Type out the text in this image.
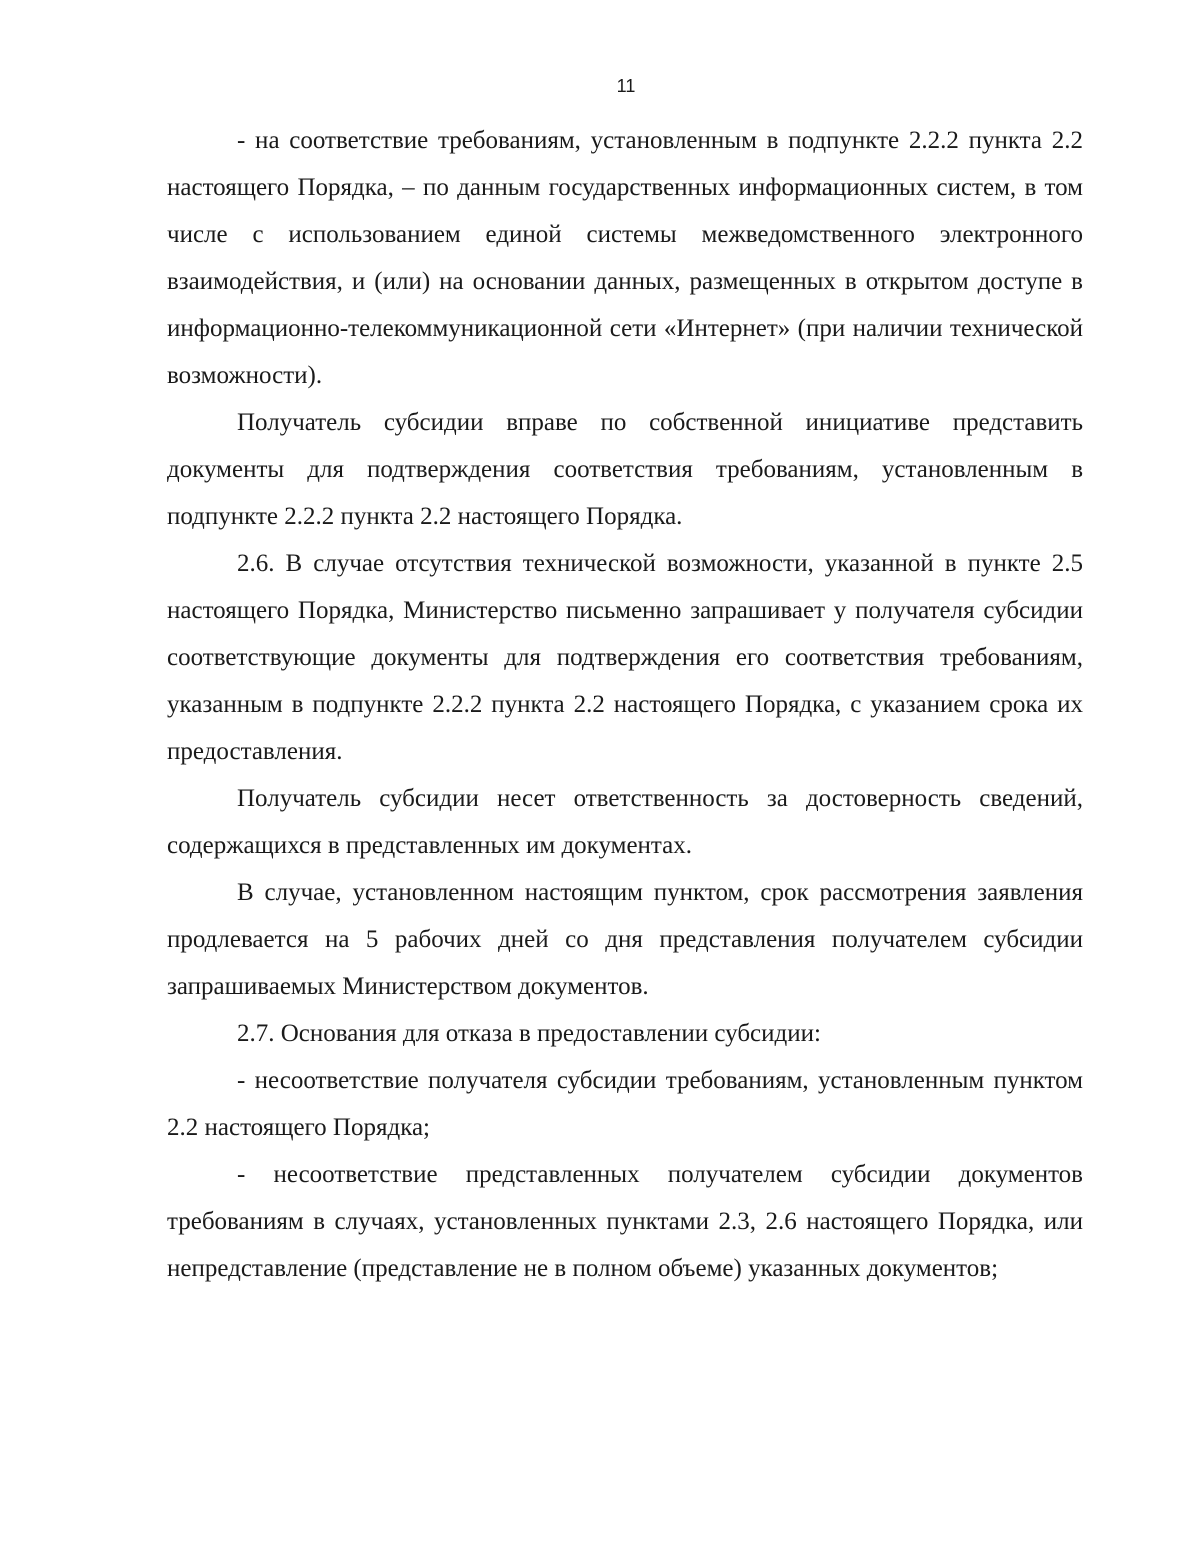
11

- на соответствие требованиям, установленным в подпункте 2.2.2 пункта 2.2 настоящего Порядка, – по данным государственных информационных систем, в том числе с использованием единой системы межведомственного электронного взаимодействия, и (или) на основании данных, размещенных в открытом доступе в информационно-телекоммуникационной сети «Интернет» (при наличии технической возможности).

Получатель субсидии вправе по собственной инициативе представить документы для подтверждения соответствия требованиям, установленным в подпункте 2.2.2 пункта 2.2 настоящего Порядка.

2.6. В случае отсутствия технической возможности, указанной в пункте 2.5 настоящего Порядка, Министерство письменно запрашивает у получателя субсидии соответствующие документы для подтверждения его соответствия требованиям, указанным в подпункте 2.2.2 пункта 2.2 настоящего Порядка, с указанием срока их предоставления.

Получатель субсидии несет ответственность за достоверность сведений, содержащихся в представленных им документах.

В случае, установленном настоящим пунктом, срок рассмотрения заявления продлевается на 5 рабочих дней со дня представления получателем субсидии запрашиваемых Министерством документов.

2.7. Основания для отказа в предоставлении субсидии:

- несоответствие получателя субсидии требованиям, установленным пунктом 2.2 настоящего Порядка;

- несоответствие представленных получателем субсидии документов требованиям в случаях, установленных пунктами 2.3, 2.6 настоящего Порядка, или непредставление (представление не в полном объеме) указанных документов;
